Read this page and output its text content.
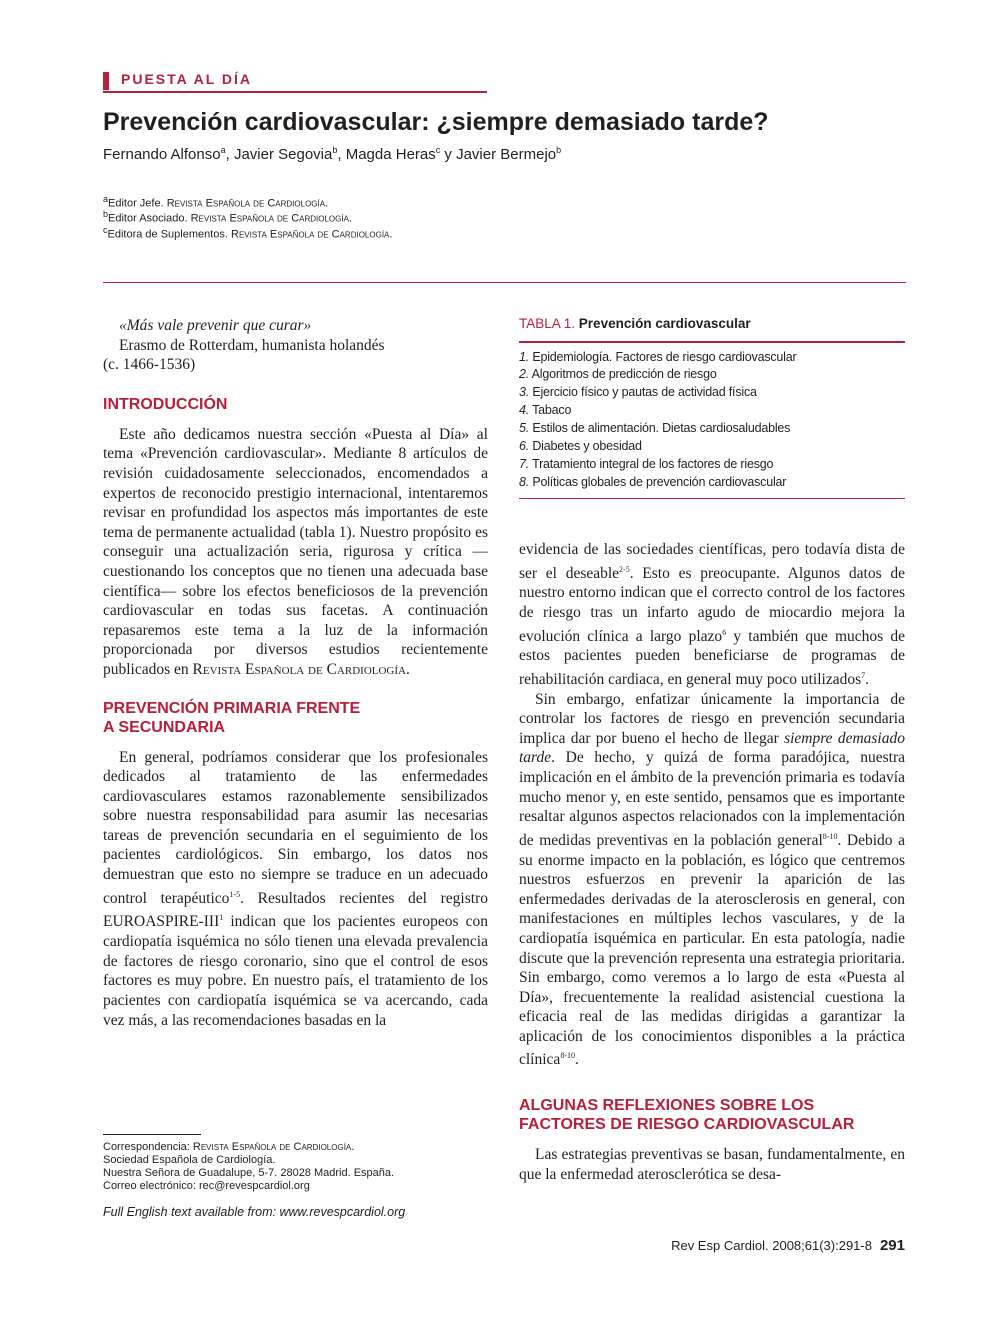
PUESTA AL DÍA
Prevención cardiovascular: ¿siempre demasiado tarde?
Fernando Alfonso$^a$, Javier Segovia$^b$, Magda Heras$^c$ y Javier Bermejo$^b$
$^a$Editor Jefe. Revista Española de Cardiología.
$^b$Editor Asociado. Revista Española de Cardiología.
$^c$Editora de Suplementos. Revista Española de Cardiología.

«Más vale prevenir que curar»

Erasmo de Rotterdam, humanista holandés

(c. 1466-1536)

INTRODUCCIÓN

Este año dedicamos nuestra sección «Puesta al Día» al tema «Prevención cardiovascular». Mediante 8 artículos de revisión cuidadosamente seleccionados, encomendados a expertos de reconocido prestigio internacional, intentaremos revisar en profundidad los aspectos más importantes de este tema de permanente actualidad (tabla 1). Nuestro propósito es conseguir una actualización seria, rigurosa y crítica —cuestionando los conceptos que no tienen una adecuada base científica— sobre los efectos beneficiosos de la prevención cardiovascular en todas sus facetas. A continuación repasaremos este tema a la luz de la información proporcionada por diversos estudios recientemente publicados en Revista Española de Cardiología.

PREVENCIÓN PRIMARIA FRENTE
A SECUNDARIA

En general, podríamos considerar que los profesionales dedicados al tratamiento de las enfermedades cardiovasculares estamos razonablemente sensibilizados sobre nuestra responsabilidad para asumir las necesarias tareas de prevención secundaria en el seguimiento de los pacientes cardiológicos. Sin embargo, los datos nos demuestran que esto no siempre se traduce en un adecuado control terapéutico$^{1-5}$. Resultados recientes del registro EUROASPIRE-III$^1$ indican que los pacientes europeos con cardiopatía isquémica no sólo tienen una elevada prevalencia de factores de riesgo coronario, sino que el control de esos factores es muy pobre. En nuestro país, el tratamiento de los pacientes con cardiopatía isquémica se va acercando, cada vez más, a las recomendaciones basadas en la

TABLA 1. Prevención cardiovascular
1. Epidemiología. Factores de riesgo cardiovascular
2. Algoritmos de predicción de riesgo
3. Ejercicio físico y pautas de actividad física
4. Tabaco
5. Estilos de alimentación. Dietas cardiosaludables
6. Diabetes y obesidad
7. Tratamiento integral de los factores de riesgo
8. Políticas globales de prevención cardiovascular

evidencia de las sociedades científicas, pero todavía dista de ser el deseable$^{2-5}$. Esto es preocupante. Algunos datos de nuestro entorno indican que el correcto control de los factores de riesgo tras un infarto agudo de miocardio mejora la evolución clínica a largo plazo$^6$ y también que muchos de estos pacientes pueden beneficiarse de programas de rehabilitación cardiaca, en general muy poco utilizados$^7$.

Sin embargo, enfatizar únicamente la importancia de controlar los factores de riesgo en prevención secundaria implica dar por bueno el hecho de llegar siempre demasiado tarde. De hecho, y quizá de forma paradójica, nuestra implicación en el ámbito de la prevención primaria es todavía mucho menor y, en este sentido, pensamos que es importante resaltar algunos aspectos relacionados con la implementación de medidas preventivas en la población general$^{8-10}$. Debido a su enorme impacto en la población, es lógico que centremos nuestros esfuerzos en prevenir la aparición de las enfermedades derivadas de la aterosclerosis en general, con manifestaciones en múltiples lechos vasculares, y de la cardiopatía isquémica en particular. En esta patología, nadie discute que la prevención representa una estrategia prioritaria. Sin embargo, como veremos a lo largo de esta «Puesta al Día», frecuentemente la realidad asistencial cuestiona la eficacia real de las medidas dirigidas a garantizar la aplicación de los conocimientos disponibles a la práctica clínica$^{8-10}$.

ALGUNAS REFLEXIONES SOBRE LOS
FACTORES DE RIESGO CARDIOVASCULAR

Las estrategias preventivas se basan, fundamentalmente, en que la enfermedad aterosclerótica se desa-

Correspondencia: Revista Española de Cardiología.
Sociedad Española de Cardiología.
Nuestra Señora de Guadalupe, 5-7. 28028 Madrid. España.
Correo electrónico: rec@revespcardiol.org
Full English text available from: www.revespcardiol.org
Rev Esp Cardiol. 2008;61(3):291-8 291
